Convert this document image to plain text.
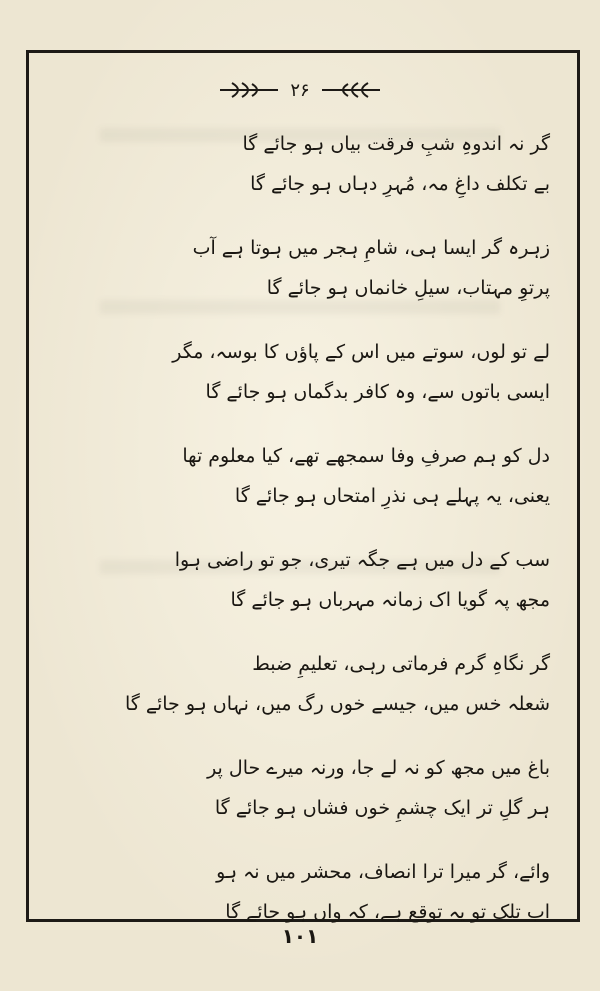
۲۶
گر نہ اندوہِ شبِ فرقت بیاں ہو جائے گا
بے تکلف داغِ مہ، مُہرِ دہاں ہو جائے گا
زہرہ گر ایسا ہی، شامِ ہجر میں ہوتا ہے آب
پرتوِ مہتاب، سیلِ خانماں ہو جائے گا
لے تو لوں، سوتے میں اس کے پاؤں کا بوسہ، مگر
ایسی باتوں سے، وہ کافر بدگماں ہو جائے گا
دل کو ہم صرفِ وفا سمجھے تھے، کیا معلوم تھا
یعنی، یہ پہلے ہی نذرِ امتحاں ہو جائے گا
سب کے دل میں ہے جگہ تیری، جو تو راضی ہوا
مجھ پہ گویا اک زمانہ مہرباں ہو جائے گا
گر نگاہِ گرم فرماتی رہی، تعلیمِ ضبط
شعلہ خس میں، جیسے خوں رگ میں، نہاں ہو جائے گا
باغ میں مجھ کو نہ لے جا، ورنہ میرے حال پر
ہر گلِ تر ایک چشمِ خوں فشاں ہو جائے گا
وائے، گر میرا ترا انصاف، محشر میں نہ ہو
اب تلک تو یہ توقع ہے، کہ واں ہو جائے گا
۱۰۱
